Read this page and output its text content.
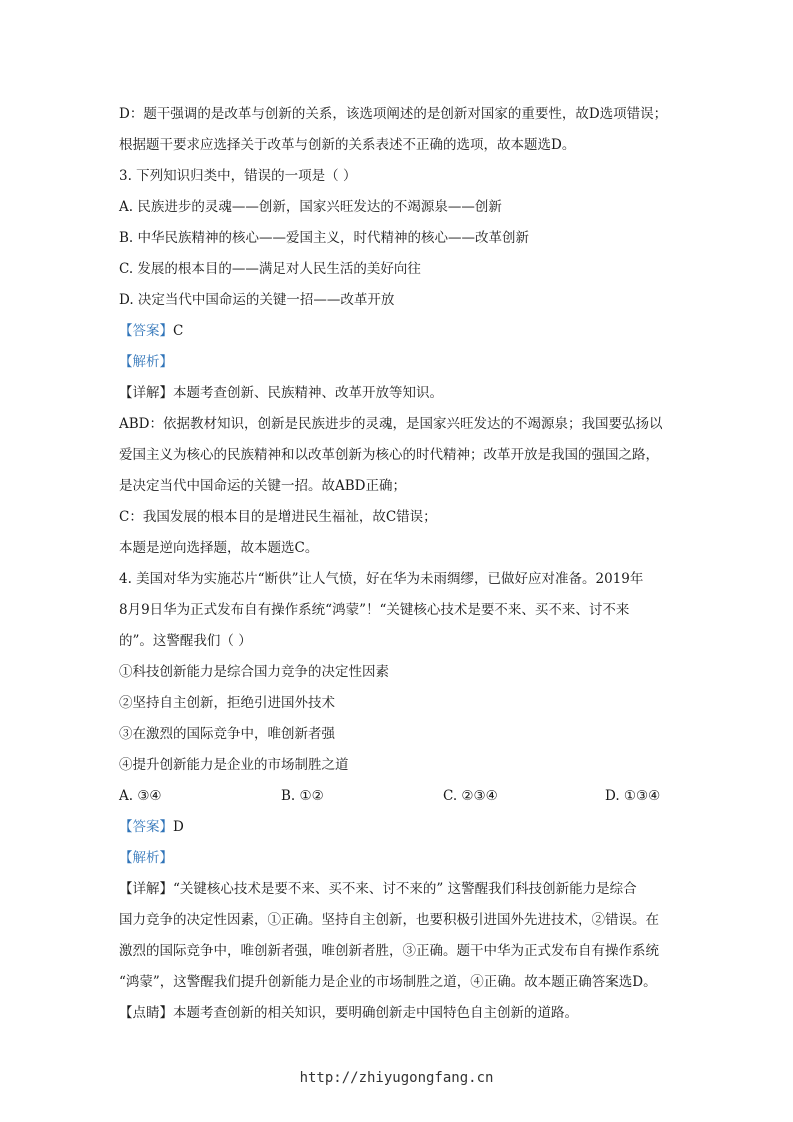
D：题干强调的是改革与创新的关系，该选项阐述的是创新对国家的重要性，故D选项错误；
根据题干要求应选择关于改革与创新的关系表述不正确的选项，故本题选D。
3. 下列知识归类中，错误的一项是（ ）
A. 民族进步的灵魂——创新，国家兴旺发达的不竭源泉——创新
B. 中华民族精神的核心——爱国主义，时代精神的核心——改革创新
C. 发展的根本目的——满足对人民生活的美好向往
D. 决定当代中国命运的关键一招——改革开放
【答案】C
【解析】
【详解】本题考查创新、民族精神、改革开放等知识。
ABD：依据教材知识，创新是民族进步的灵魂，是国家兴旺发达的不竭源泉；我国要弘扬以
爱国主义为核心的民族精神和以改革创新为核心的时代精神；改革开放是我国的强国之路，
是决定当代中国命运的关键一招。故ABD正确；
C：我国发展的根本目的是增进民生福祉，故C错误；
本题是逆向选择题，故本题选C。
4. 美国对华为实施芯片“断供”让人气愤，好在华为未雨绸缪，已做好应对准备。2019年
8月9日华为正式发布自有操作系统“鸿蒙”！“关键核心技术是要不来、买不来、讨不来
的”。这警醒我们（ ）
①科技创新能力是综合国力竞争的决定性因素
②坚持自主创新，拒绝引进国外技术
③在激烈的国际竞争中，唯创新者强
④提升创新能力是企业的市场制胜之道
A. ③④	B. ①②	C. ②③④	D. ①③④
【答案】D
【解析】
【详解】“关键核心技术是要不来、买不来、讨不来的” 这警醒我们科技创新能力是综合
国力竞争的决定性因素，①正确。坚持自主创新，也要积极引进国外先进技术，②错误。在
激烈的国际竞争中，唯创新者强，唯创新者胜，③正确。题干中华为正式发布自有操作系统
“鸿蒙”，这警醒我们提升创新能力是企业的市场制胜之道，④正确。故本题正确答案选D。
【点睛】本题考查创新的相关知识，要明确创新走中国特色自主创新的道路。
http://zhiyugongfang.cn
